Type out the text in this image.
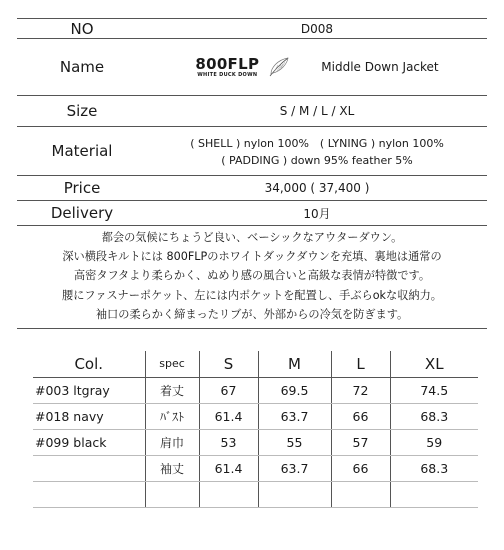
NO	D008
Name	800FLP
WHITE DUCK DOWN
Middle Down Jacket
Size	S / M / L / XL
Material	( SHELL ) nylon 100%　( LYNING ) nylon 100%
( PADDING ) down 95% feather 5%
Price	34,000 ( 37,400 )
Delivery	10月
都会の気候にちょうど良い、ベーシックなアウターダウン。
深い横段キルトには 800FLPのホワイトダックダウンを充填、裏地は通常の
高密タフタより柔らかく、ぬめり感の風合いと高級な表情が特徴です。
腰にファスナーポケット、左には内ポケットを配置し、手ぶらokな収納力。
袖口の柔らかく締まったリブが、外部からの冷気を防ぎます。
Col.	spec	S	M	L	XL
#003 ltgray	着丈	67	69.5	72	74.5
#018 navy	ﾊﾞｽﾄ	61.4	63.7	66	68.3
#099 black	肩巾	53	55	57	59
	袖丈	61.4	63.7	66	68.3
